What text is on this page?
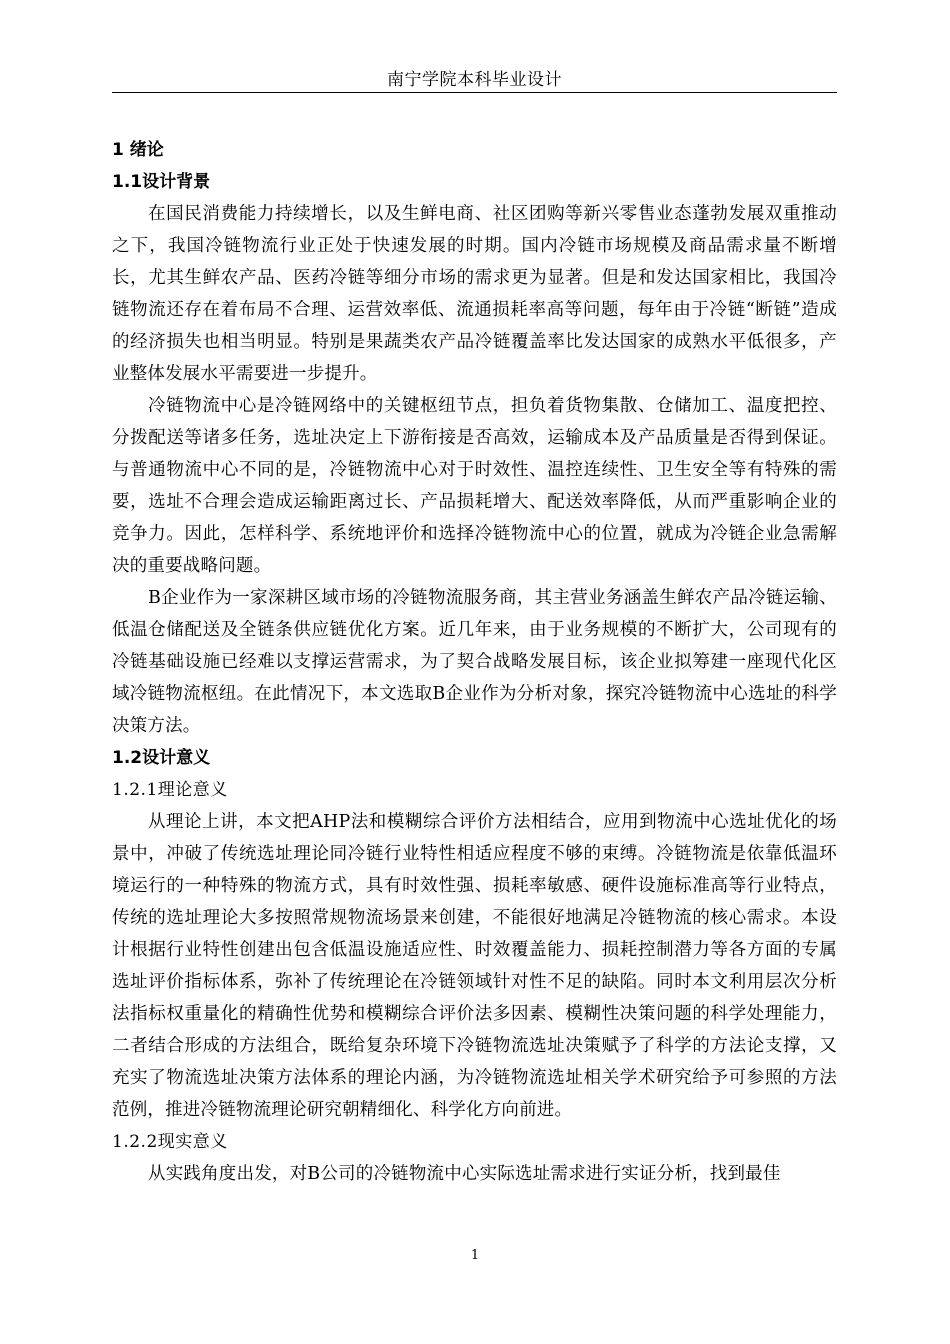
南宁学院本科毕业设计
1 绪论
1.1设计背景

在国民消费能力持续增长，以及生鲜电商、社区团购等新兴零售业态蓬勃发展双重推动之下，我国冷链物流行业正处于快速发展的时期。国内冷链市场规模及商品需求量不断增长，尤其生鲜农产品、医药冷链等细分市场的需求更为显著。但是和发达国家相比，我国冷链物流还存在着布局不合理、运营效率低、流通损耗率高等问题，每年由于冷链“断链”造成的经济损失也相当明显。特别是果蔬类农产品冷链覆盖率比发达国家的成熟水平低很多，产业整体发展水平需要进一步提升。

冷链物流中心是冷链网络中的关键枢纽节点，担负着货物集散、仓储加工、温度把控、分拨配送等诸多任务，选址决定上下游衔接是否高效，运输成本及产品质量是否得到保证。与普通物流中心不同的是，冷链物流中心对于时效性、温控连续性、卫生安全等有特殊的需要，选址不合理会造成运输距离过长、产品损耗增大、配送效率降低，从而严重影响企业的竞争力。因此，怎样科学、系统地评价和选择冷链物流中心的位置，就成为冷链企业急需解决的重要战略问题。

B企业作为一家深耕区域市场的冷链物流服务商，其主营业务涵盖生鲜农产品冷链运输、低温仓储配送及全链条供应链优化方案。近几年来，由于业务规模的不断扩大，公司现有的冷链基础设施已经难以支撑运营需求，为了契合战略发展目标，该企业拟筹建一座现代化区域冷链物流枢纽。在此情况下，本文选取B企业作为分析对象，探究冷链物流中心选址的科学决策方法。

1.2设计意义
1.2.1理论意义

从理论上讲，本文把AHP法和模糊综合评价方法相结合，应用到物流中心选址优化的场景中，冲破了传统选址理论同冷链行业特性相适应程度不够的束缚。冷链物流是依靠低温环境运行的一种特殊的物流方式，具有时效性强、损耗率敏感、硬件设施标准高等行业特点，传统的选址理论大多按照常规物流场景来创建，不能很好地满足冷链物流的核心需求。本设计根据行业特性创建出包含低温设施适应性、时效覆盖能力、损耗控制潜力等各方面的专属选址评价指标体系，弥补了传统理论在冷链领域针对性不足的缺陷。同时本文利用层次分析法指标权重量化的精确性优势和模糊综合评价法多因素、模糊性决策问题的科学处理能力，二者结合形成的方法组合，既给复杂环境下冷链物流选址决策赋予了科学的方法论支撑，又充实了物流选址决策方法体系的理论内涵，为冷链物流选址相关学术研究给予可参照的方法范例，推进冷链物流理论研究朝精细化、科学化方向前进。

1.2.2现实意义

从实践角度出发，对B公司的冷链物流中心实际选址需求进行实证分析，找到最佳

1
